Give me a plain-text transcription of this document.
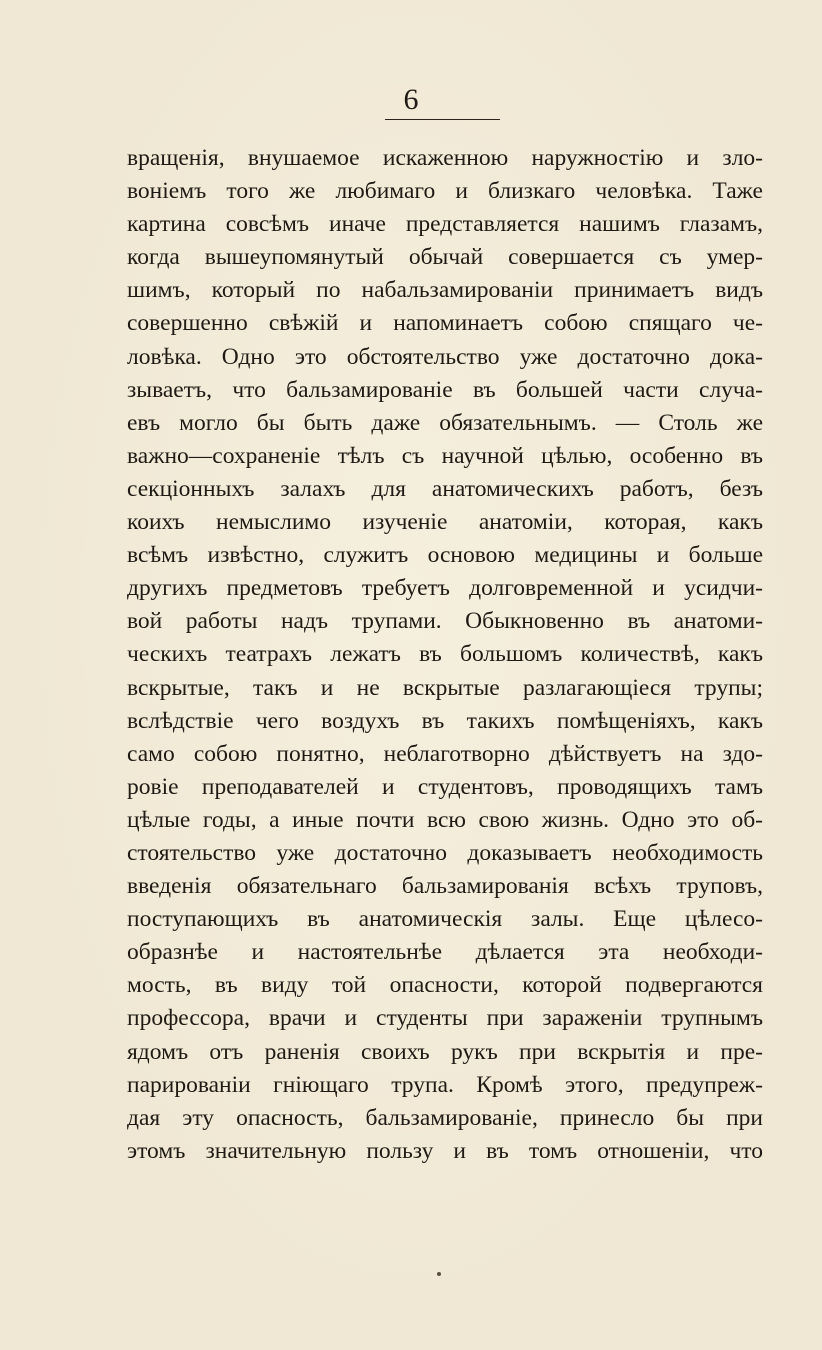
6
вращенія, внушаемое искаженною наружностію и зло-
воніемъ того же любимаго и близкаго человѣка. Таже
картина совсѣмъ иначе представляется нашимъ глазамъ,
когда вышеупомянутый обычай совершается съ умер-
шимъ, который по набальзамированіи принимаетъ видъ
совершенно свѣжій и напоминаетъ собою спящаго че-
ловѣка. Одно это обстоятельство уже достаточно дока-
зываетъ, что бальзамированіе въ большей части случа-
евъ могло бы быть даже обязательнымъ. — Столь же
важно—сохраненіе тѣлъ съ научной цѣлью, особенно въ
секціонныхъ залахъ для анатомическихъ работъ, безъ
коихъ немыслимо изученіе анатоміи, которая, какъ
всѣмъ извѣстно, служитъ основою медицины и больше
другихъ предметовъ требуетъ долговременной и усидчи-
вой работы надъ трупами. Обыкновенно въ анатоми-
ческихъ театрахъ лежатъ въ большомъ количествѣ, какъ
вскрытые, такъ и не вскрытые разлагающіеся трупы;
вслѣдствіе чего воздухъ въ такихъ помѣщеніяхъ, какъ
само собою понятно, неблаготворно дѣйствуетъ на здо-
ровіе преподавателей и студентовъ, проводящихъ тамъ
цѣлые годы, а иные почти всю свою жизнь. Одно это об-
стоятельство уже достаточно доказываетъ необходимость
введенія обязательнаго бальзамированія всѣхъ труповъ,
поступающихъ въ анатомическія залы. Еще цѣлесо-
образнѣе и настоятельнѣе дѣлается эта необходи-
мость, въ виду той опасности, которой подвергаются
профессора, врачи и студенты при зараженіи трупнымъ
ядомъ отъ раненія своихъ рукъ при вскрытія и пре-
парированіи гніющаго трупа. Кромѣ этого, предупреж-
дая эту опасность, бальзамированіе, принесло бы при
этомъ значительную пользу и въ томъ отношеніи, что
